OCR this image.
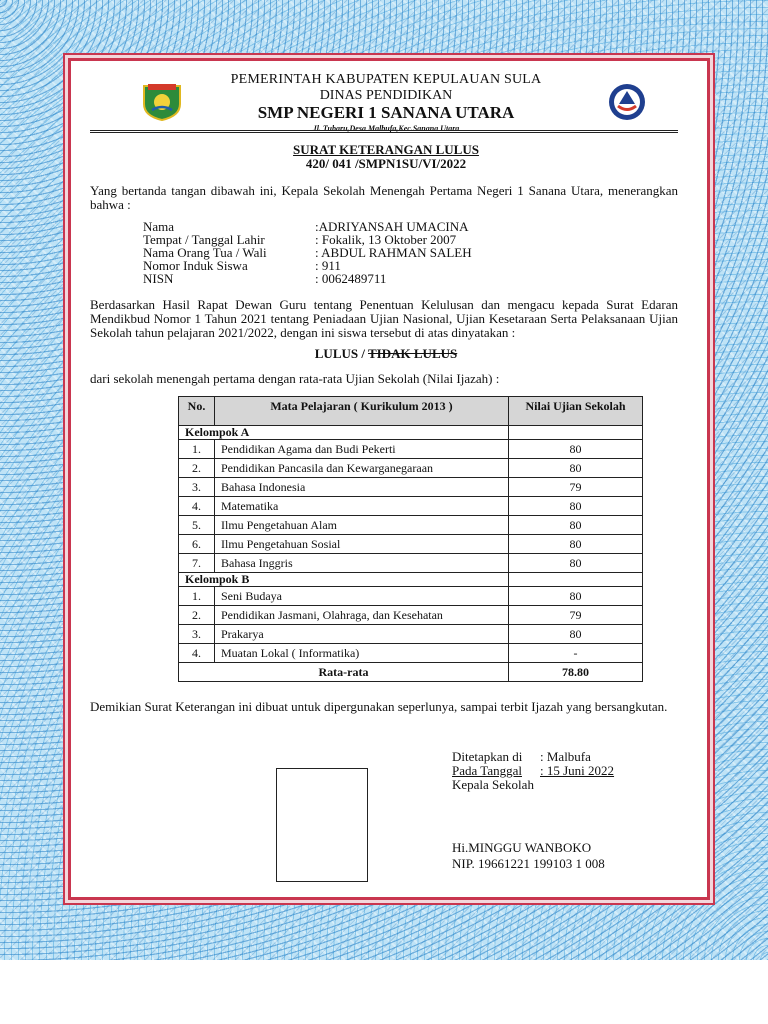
PEMERINTAH KABUPATEN KEPULAUAN SULA
DINAS PENDIDIKAN
SMP NEGERI 1 SANANA UTARA
Jl. Tubaru,Desa Malbufa,Kec.Sanana Utara
SURAT KETERANGAN LULUS
420/ 041 /SMPN1SU/VI/2022
Yang bertanda tangan dibawah ini, Kepala Sekolah Menengah Pertama Negeri 1 Sanana Utara, menerangkan bahwa :
Nama	:ADRIYANSAH UMACINA
Tempat / Tanggal Lahir	: Fokalik, 13 Oktober 2007
Nama Orang Tua / Wali	: ABDUL RAHMAN SALEH
Nomor Induk Siswa	: 911
NISN	: 0062489711
Berdasarkan Hasil Rapat Dewan Guru tentang Penentuan Kelulusan dan mengacu kepada Surat Edaran Mendikbud Nomor 1 Tahun 2021 tentang Peniadaan Ujian Nasional, Ujian Kesetaraan Serta Pelaksanaan Ujian Sekolah tahun pelajaran 2021/2022, dengan ini siswa tersebut di atas dinyatakan :
LULUS / TIDAK LULUS
dari sekolah menengah pertama dengan rata-rata Ujian Sekolah (Nilai Ijazah) :
No.	Mata Pelajaran ( Kurikulum 2013 )	Nilai Ujian Sekolah
Kelompok A		
1.	Pendidikan Agama dan Budi Pekerti	80
2.	Pendidikan Pancasila dan Kewarganegaraan	80
3.	Bahasa Indonesia	79
4.	Matematika	80
5.	Ilmu Pengetahuan Alam	80
6.	Ilmu Pengetahuan Sosial	80
7.	Bahasa Inggris	80
Kelompok B		
1.	Seni Budaya	80
2.	Pendidikan Jasmani, Olahraga, dan Kesehatan	79
3.	Prakarya	80
4.	Muatan Lokal ( Informatika)	-
Rata-rata		78.80
Demikian Surat Keterangan ini dibuat untuk dipergunakan seperlunya, sampai terbit Ijazah yang bersangkutan.
Ditetapkan di	: Malbufa
Pada Tanggal	: 15 Juni 2022
Kepala Sekolah
Hi.MINGGU WANBOKO
NIP. 19661221 199103 1 008
